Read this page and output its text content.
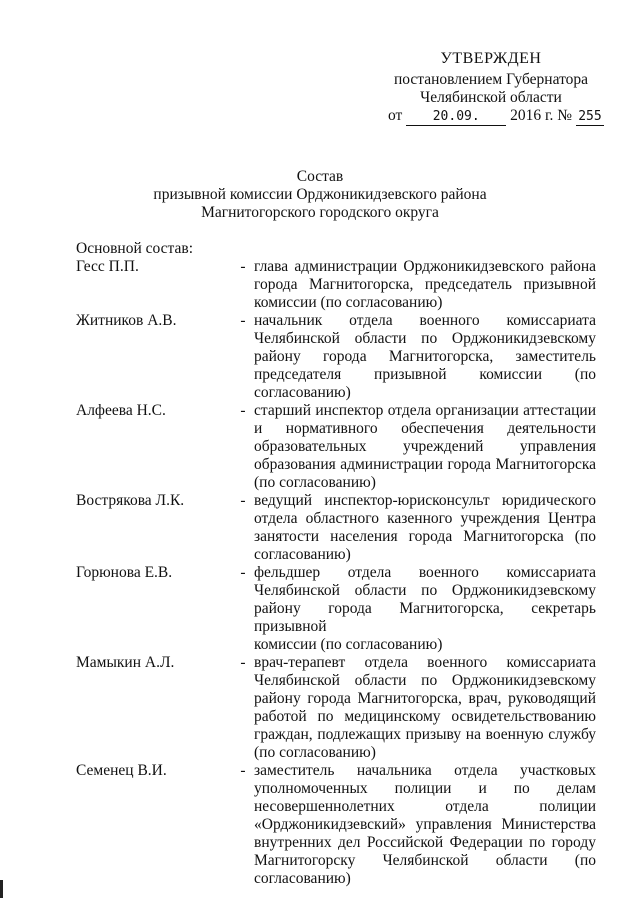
УТВЕРЖДЕН
постановлением Губернатора
Челябинской области
от 20.09. 2016 г. № 255
Состав
призывной комиссии Орджоникидзевского района
Магнитогорского городского округа
Основной состав:
Гесс П.П.	- глава администрации Орджоникидзевского района
города Магнитогорска, председатель призывной
комиссии (по согласованию)
Житников А.В.	- начальник отдела военного комиссариата
Челябинской области по Орджоникидзевскому
району города Магнитогорска, заместитель
председателя призывной комиссии (по
согласованию)
Алфеева Н.С.	- старший инспектор отдела организации аттестации
и нормативного обеспечения деятельности
образовательных учреждений управления
образования администрации города Магнитогорска
(по согласованию)
Вострякова Л.К.	- ведущий инспектор-юрисконсульт юридического
отдела областного казенного учреждения Центра
занятости населения города Магнитогорска (по
согласованию)
Горюнова Е.В.	- фельдшер отдела военного комиссариата
Челябинской области по Орджоникидзевскому
району города Магнитогорска, секретарь призывной
комиссии (по согласованию)
Мамыкин А.Л.	- врач-терапевт отдела военного комиссариата
Челябинской области по Орджоникидзевскому
району города Магнитогорска, врач, руководящий
работой по медицинскому освидетельствованию
граждан, подлежащих призыву на военную службу
(по согласованию)
Семенец В.И.	- заместитель начальника отдела участковых
уполномоченных полиции и по делам
несовершеннолетних отдела полиции
«Орджоникидзевский» управления Министерства
внутренних дел Российской Федерации по городу
Магнитогорску Челябинской области (по
согласованию)
